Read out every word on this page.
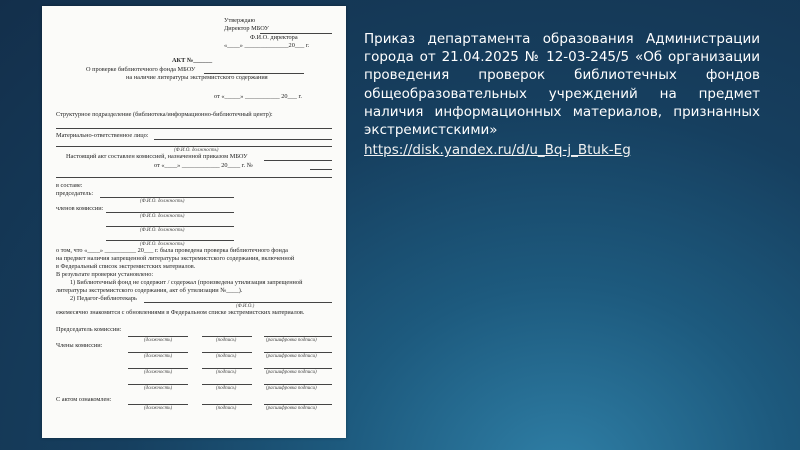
Утверждаю
Директор МБОУ
Ф.И.О. директора
«____» ______________20___ г.
АКТ №______
О проверке библиотечного фонда МБОУ
на наличие литературы экстремистского содержания
от «_____» ___________ 20___ г.
Структурное подразделение (библиотека/информационно-библиотечный центр):
Материально-ответственное лицо:
(Ф.И.О. должность)
Настоящий акт составлен комиссией, назначенной приказом МБОУ
от «____» ____________ 20____ г. №
в составе:
председатель:
(Ф.И.О. должность)
членов комиссии:
(Ф.И.О. должность)
(Ф.И.О. должность)
(Ф.И.О. должность)
о том, что «____» __________ 20___ г. была проведена проверка библиотечного фонда
на предмет наличия запрещенной литературы экстремистского содержания, включенной
в Федеральный список экстремистских материалов.
В результате проверки установлено:
1) Библиотечный фонд не содержит / содержал (произведена утилизация запрещенной
литературы экстремистского содержания, акт об утилизации №____).
2) Педагог-библиотекарь
(Ф.И.О.)
ежемесячно знакомится с обновлениями в Федеральном списке экстремистских материалов.
Председатель комиссии:
(должность)	(подпись)	(расшифровка подписи)
Члены комиссии:
(должность)	(подпись)	(расшифровка подписи)
(должность)	(подпись)	(расшифровка подписи)
(должность)	(подпись)	(расшифровка подписи)
С актом ознакомлен:
(должность)	(подпись)	(расшифровка подписи)
Приказ департамента образования Администрации города от 21.04.2025 № 12-03-245/5 «Об организации проведения проверок библиотечных фондов общеобразовательных учреждений на предмет наличия информационных материалов, признанных экстремистскими»
https://disk.yandex.ru/d/u_Bq-j_Btuk-Eg
